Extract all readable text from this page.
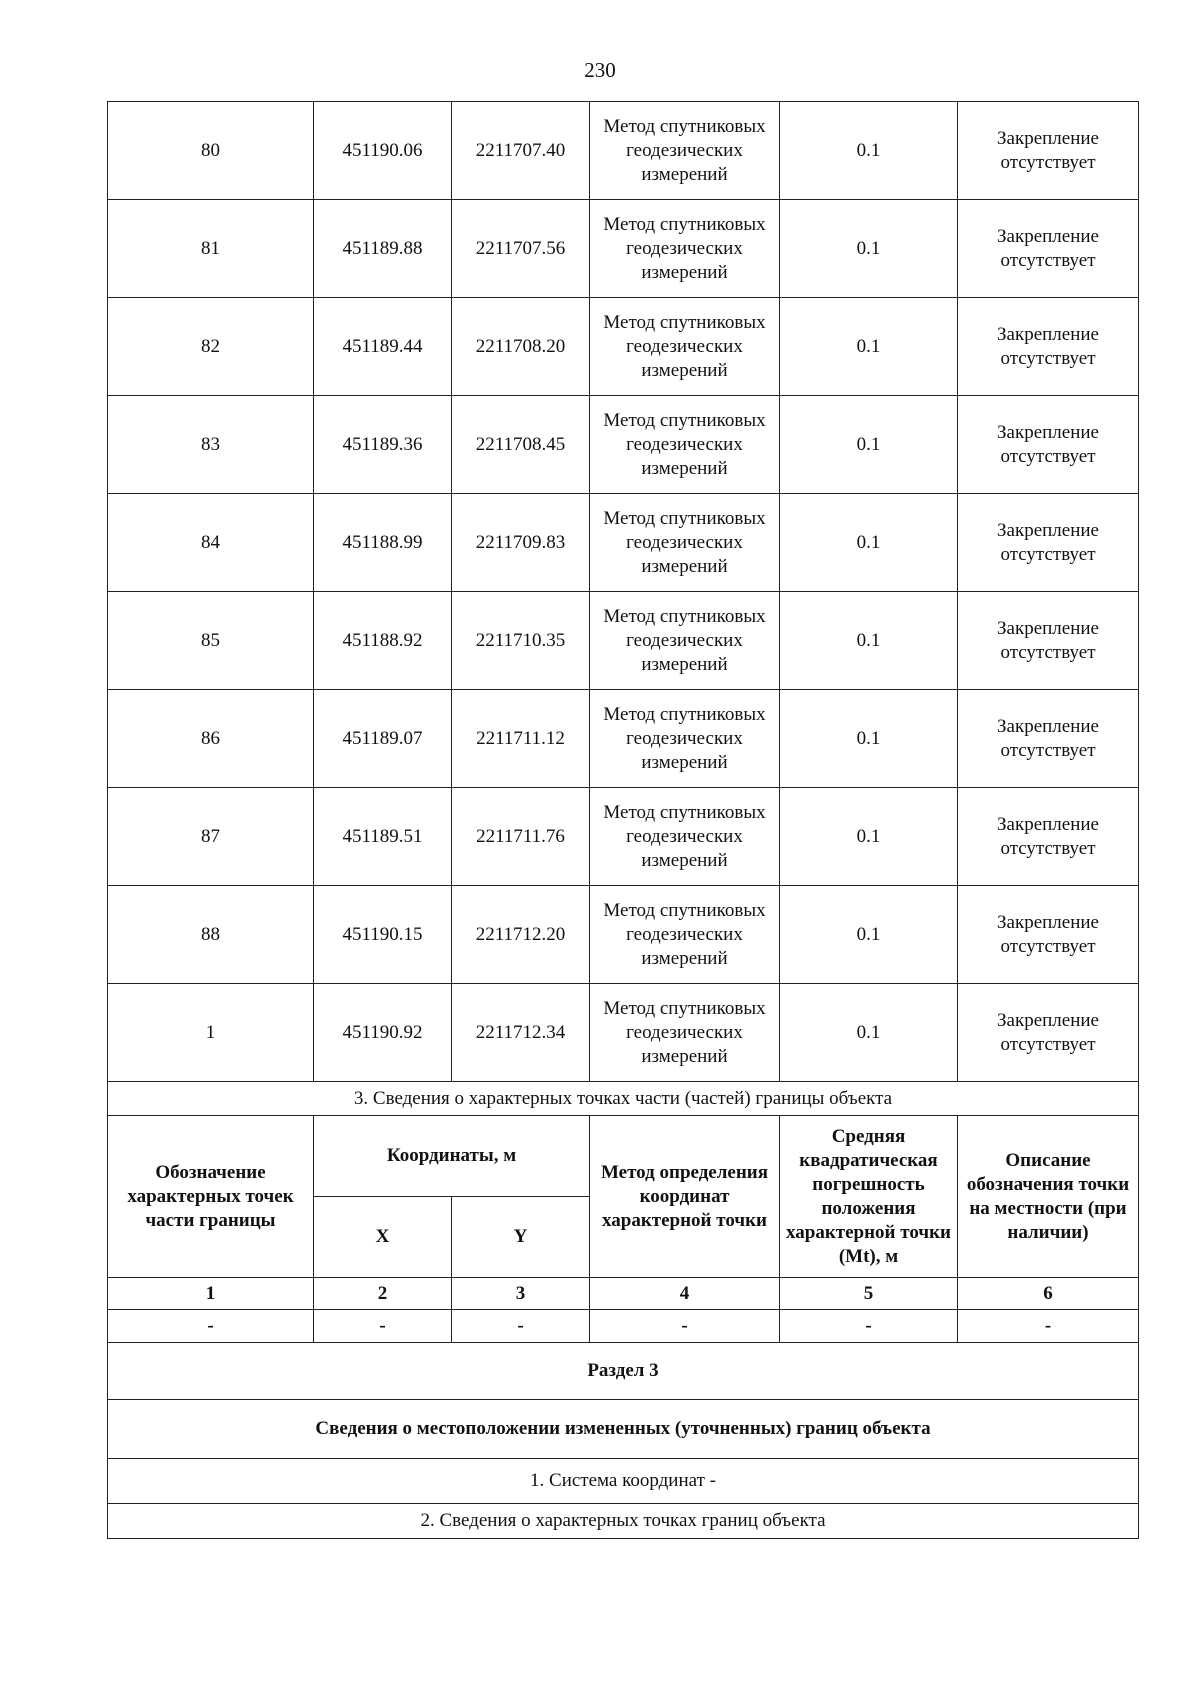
230
80	451190.06	2211707.40	Метод спутниковых геодезических измерений	0.1	Закрепление отсутствует
81	451189.88	2211707.56	Метод спутниковых геодезических измерений	0.1	Закрепление отсутствует
82	451189.44	2211708.20	Метод спутниковых геодезических измерений	0.1	Закрепление отсутствует
83	451189.36	2211708.45	Метод спутниковых геодезических измерений	0.1	Закрепление отсутствует
84	451188.99	2211709.83	Метод спутниковых геодезических измерений	0.1	Закрепление отсутствует
85	451188.92	2211710.35	Метод спутниковых геодезических измерений	0.1	Закрепление отсутствует
86	451189.07	2211711.12	Метод спутниковых геодезических измерений	0.1	Закрепление отсутствует
87	451189.51	2211711.76	Метод спутниковых геодезических измерений	0.1	Закрепление отсутствует
88	451190.15	2211712.20	Метод спутниковых геодезических измерений	0.1	Закрепление отсутствует
1	451190.92	2211712.34	Метод спутниковых геодезических измерений	0.1	Закрепление отсутствует
3. Сведения о характерных точках части (частей) границы объекта					
Обозначение характерных точек части границы	Координаты, м		Метод определения координат характерной точки	Средняя квадратическая погрешность положения характерной точки (Mt), м	Описание обозначения точки на местности (при наличии)
	X	Y			
1	2	3	4	5	6
-	-	-	-	-	-
Раздел 3					
Сведения о местоположении измененных (уточненных) границ объекта					
1. Система координат -					
2. Сведения о характерных точках границ объекта					
